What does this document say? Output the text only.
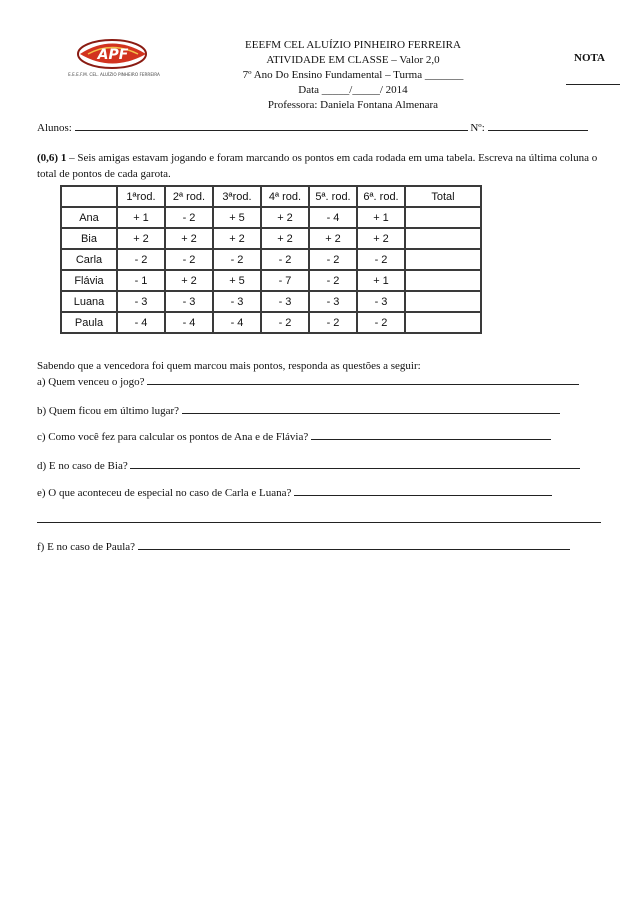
APF
E.E.E.F.M. CEL. ALUÍZIO PINHEIRO FERREIRA
EEEFM CEL ALUÍZIO PINHEIRO FERREIRA
ATIVIDADE EM CLASSE – Valor 2,0
7º Ano Do Ensino Fundamental – Turma _______
Data _____/_____/ 2014
Professora: Daniela Fontana Almenara
NOTA
Alunos:	Nº:
(0,6) 1 – Seis amigas estavam jogando e foram marcando os pontos em cada rodada em uma tabela. Escreva na última coluna o total de pontos de cada garota.
	1ªrod.	2ª rod.	3ªrod.	4ª rod.	5ª. rod.	6ª. rod.	Total
Ana	+ 1	- 2	+ 5	+ 2	- 4	+ 1	
Bia	+ 2	+ 2	+ 2	+ 2	+ 2	+ 2	
Carla	- 2	- 2	- 2	- 2	- 2	- 2	
Flávia	- 1	+ 2	+ 5	- 7	- 2	+ 1	
Luana	- 3	- 3	- 3	- 3	- 3	- 3	
Paula	- 4	- 4	- 4	- 2	- 2	- 2	
Sabendo que a vencedora foi quem marcou mais pontos, responda as questões a seguir:
a) Quem venceu o jogo?
b) Quem ficou em último lugar?
c) Como você fez para calcular os pontos de Ana e de Flávia?
d) E no caso de Bia?
e) O que aconteceu de especial no caso de Carla e Luana?
f) E no caso de Paula?
